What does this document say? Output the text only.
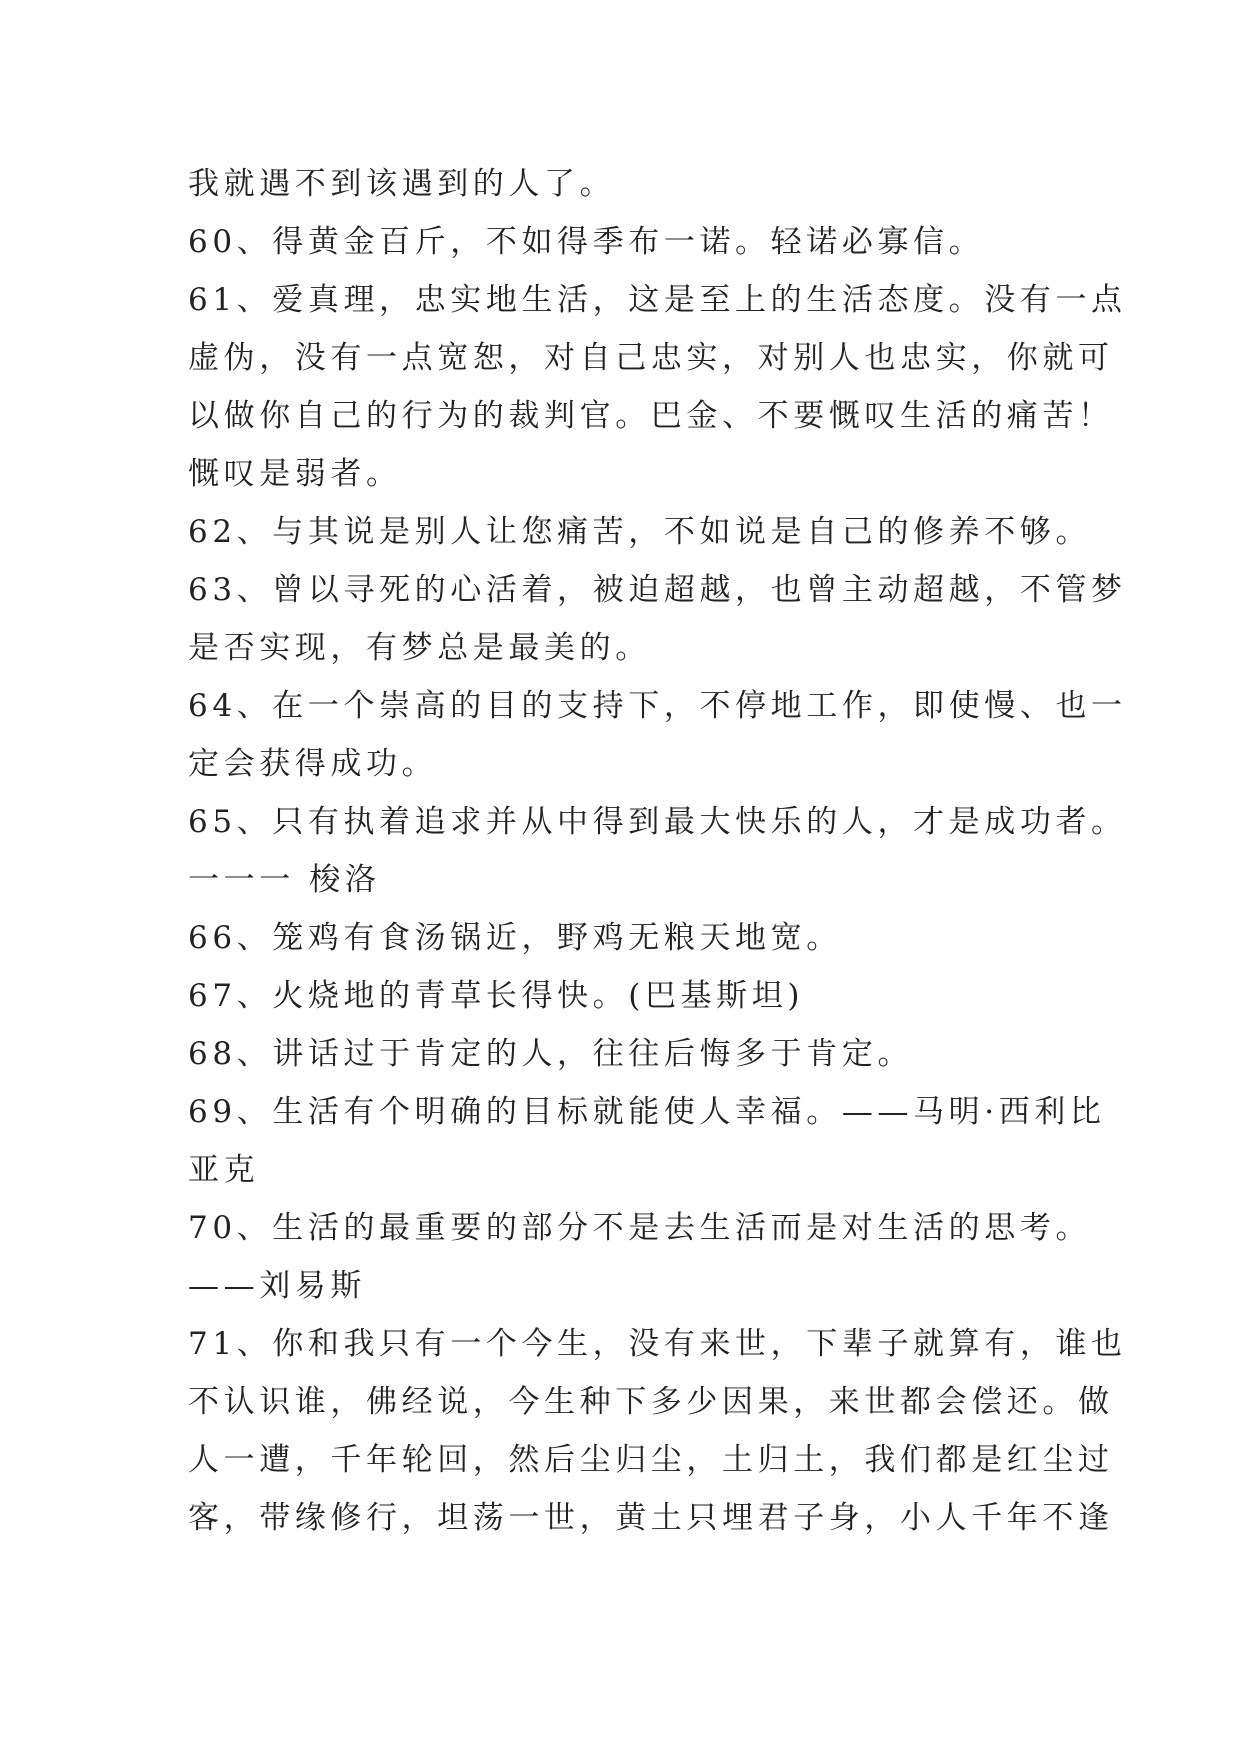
我就遇不到该遇到的人了。
60、得黄金百斤，不如得季布一诺。轻诺必寡信。
61、爱真理，忠实地生活，这是至上的生活态度。没有一点
虚伪，没有一点宽恕，对自己忠实，对别人也忠实，你就可
以做你自己的行为的裁判官。巴金、不要慨叹生活的痛苦！
慨叹是弱者。
62、与其说是别人让您痛苦，不如说是自己的修养不够。
63、曾以寻死的心活着，被迫超越，也曾主动超越，不管梦
是否实现，有梦总是最美的。
64、在一个崇高的目的支持下，不停地工作，即使慢、也一
定会获得成功。
65、只有执着追求并从中得到最大快乐的人，才是成功者。
一一一 梭洛
66、笼鸡有食汤锅近，野鸡无粮天地宽。
67、火烧地的青草长得快。(巴基斯坦)
68、讲话过于肯定的人，往往后悔多于肯定。
69、生活有个明确的目标就能使人幸福。——马明·西利比
亚克
70、生活的最重要的部分不是去生活而是对生活的思考。
——刘易斯
71、你和我只有一个今生，没有来世，下辈子就算有，谁也
不认识谁，佛经说，今生种下多少因果，来世都会偿还。做
人一遭，千年轮回，然后尘归尘，土归土，我们都是红尘过
客，带缘修行，坦荡一世，黄土只埋君子身，小人千年不逢
